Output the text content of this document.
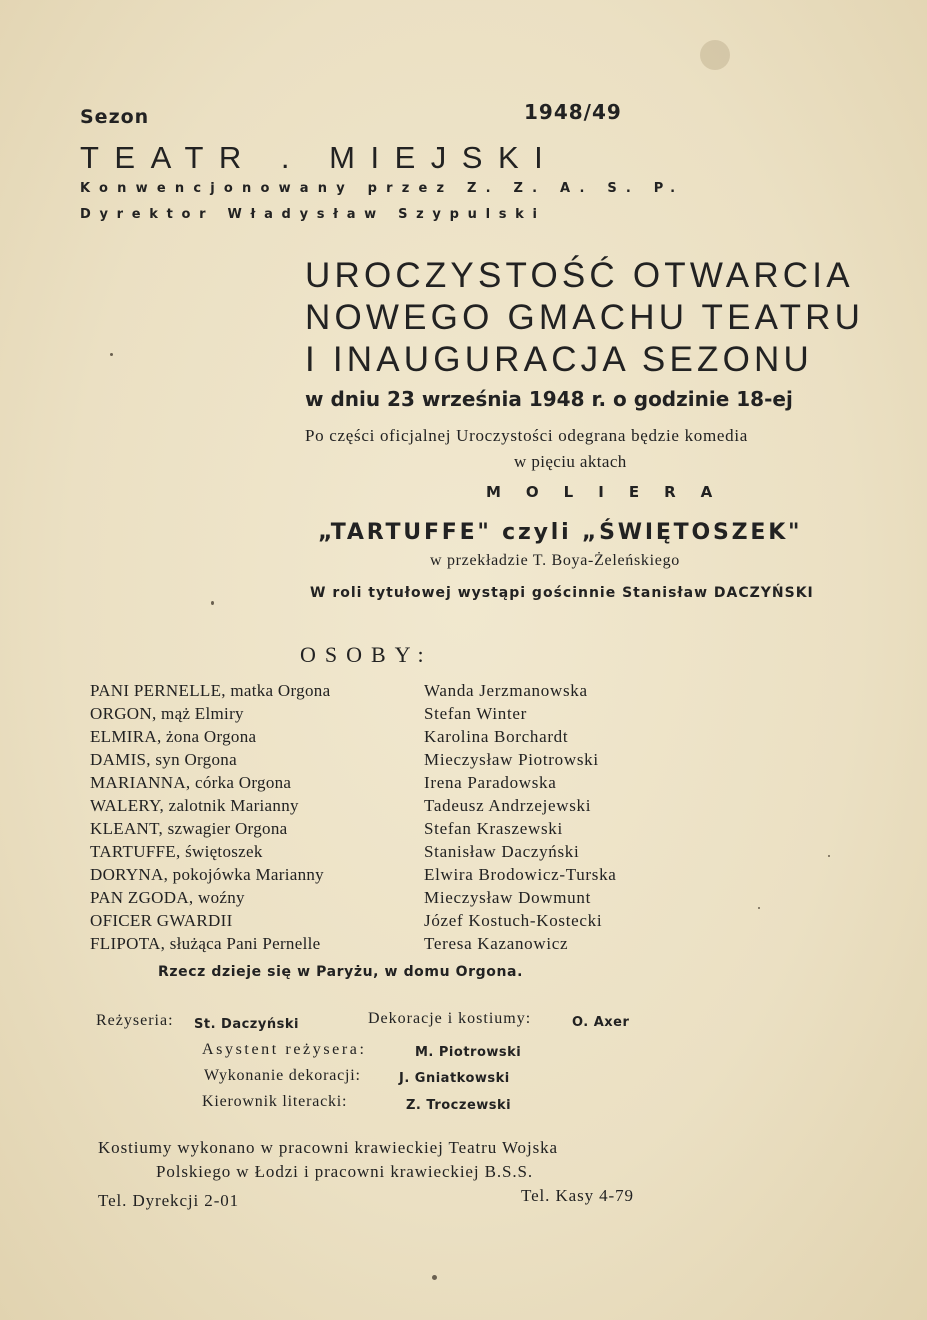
Sezon	1948/49
TEATR . MIEJSKI
Konwencjonowany przez Z. Z. A. S. P.
Dyrektor Władysław Szypulski
UROCZYSTOŚĆ OTWARCIA
NOWEGO GMACHU TEATRU
I INAUGURACJA SEZONU
w dniu 23 września 1948 r. o godzinie 18-ej
Po części oficjalnej Uroczystości odegrana będzie komedia
w pięciu aktach
MOLIERA
„TARTUFFE" czyli „ŚWIĘTOSZEK"
w przekładzie T. Boya-Żeleńskiego
W roli tytułowej wystąpi gościnnie Stanisław DACZYŃSKI
OSOBY:
PANI PERNELLE, matka Orgona	Wanda Jerzmanowska
ORGON, mąż Elmiry	Stefan Winter
ELMIRA, żona Orgona	Karolina Borchardt
DAMIS, syn Orgona	Mieczysław Piotrowski
MARIANNA, córka Orgona	Irena Paradowska
WALERY, zalotnik Marianny	Tadeusz Andrzejewski
KLEANT, szwagier Orgona	Stefan Kraszewski
TARTUFFE, świętoszek	Stanisław Daczyński
DORYNA, pokojówka Marianny	Elwira Brodowicz-Turska
PAN ZGODA, woźny	Mieczysław Dowmunt
OFICER GWARDII	Józef Kostuch-Kostecki
FLIPOTA, służąca Pani Pernelle	Teresa Kazanowicz
Rzecz dzieje się w Paryżu, w domu Orgona.
Reżyseria: St. Daczyński	Dekoracje i kostiumy:	O. Axer
Asystent reżysera:	M. Piotrowski
Wykonanie dekoracji:	J. Gniatkowski
Kierownik literacki:	Z. Troczewski
Kostiumy wykonano w pracowni krawieckiej Teatru Wojska
Polskiego w Łodzi i pracowni krawieckiej B.S.S.
Tel. Dyrekcji 2-01	Tel. Kasy 4-79
